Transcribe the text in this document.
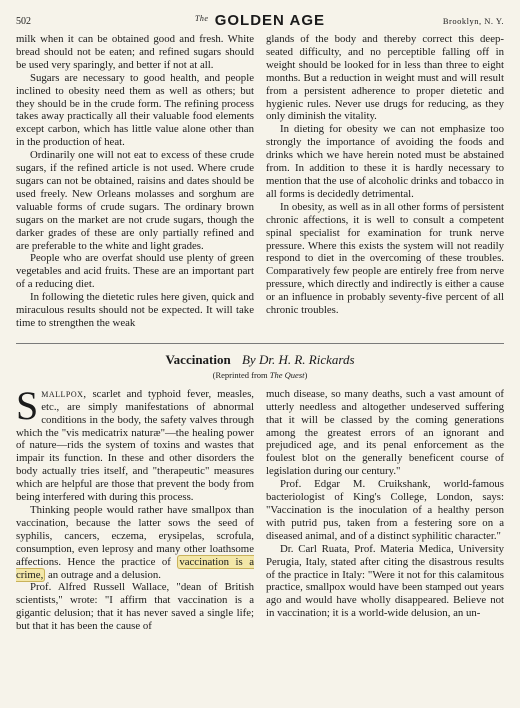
502	$^{The}$ GOLDEN AGE	Brooklyn, N. Y.

milk when it can be obtained good and fresh. White bread should not be eaten; and refined sugars should be used very sparingly, and better if not at all.

Sugars are necessary to good health, and people inclined to obesity need them as well as others; but they should be in the crude form. The refining process takes away practically all their valuable food elements except carbon, which has little value alone other than in the production of heat.

Ordinarily one will not eat to excess of these crude sugars, if the refined article is not used. Where crude sugars can not be obtained, raisins and dates should be used freely. New Orleans molasses and sorghum are valuable forms of crude sugars. The ordinary brown sugars on the market are not crude sugars, though the darker grades of these are only partially refined and are preferable to the white and light grades.

People who are overfat should use plenty of green vegetables and acid fruits. These are an important part of a reducing diet.

In following the dietetic rules here given, quick and miraculous results should not be expected. It will take time to strengthen the weak

glands of the body and thereby correct this deep-seated difficulty, and no perceptible falling off in weight should be looked for in less than three to eight months. But a reduction in weight must and will result from a persistent adherence to proper dietetic and hygienic rules. Never use drugs for reducing, as they only diminish the vitality.

In dieting for obesity we can not emphasize too strongly the importance of avoiding the foods and drinks which we have herein noted must be abstained from. In addition to these it is hardly necessary to mention that the use of alcoholic drinks and tobacco in all forms is decidedly detrimental.

In obesity, as well as in all other forms of persistent chronic affections, it is well to consult a competent spinal specialist for examination for trunk nerve pressure. Where this exists the system will not readily respond to diet in the overcoming of these troubles. Comparatively few people are entirely free from nerve pressure, which directly and indirectly is either a cause or an influence in probably seventy-five percent of all chronic troubles.

Vaccination By Dr. H. R. Rickards
(Reprinted from The Quest)

Smallpox, scarlet and typhoid fever, measles, etc., are simply manifestations of abnormal conditions in the body, the safety valves through which the "vis medicatrix naturæ"—the healing power of nature—rids the system of toxins and wastes that impair its function. In these and other disorders the body actually tries itself, and "therapeutic" measures which are helpful are those that prevent the body from being interfered with during this process.

Thinking people would rather have smallpox than vaccination, because the latter sows the seed of syphilis, cancers, eczema, erysipelas, scrofula, consumption, even leprosy and many other loathsome affections. Hence the practice of vaccination is a crime, an outrage and a delusion.

Prof. Alfred Russell Wallace, "dean of British scientists," wrote: "I affirm that vaccination is a gigantic delusion; that it has never saved a single life; but that it has been the cause of

much disease, so many deaths, such a vast amount of utterly needless and altogether undeserved suffering that it will be classed by the coming generations among the greatest errors of an ignorant and prejudiced age, and its penal enforcement as the foulest blot on the generally beneficent course of legislation during our century."

Prof. Edgar M. Cruikshank, world-famous bacteriologist of King's College, London, says: "Vaccination is the inoculation of a healthy person with putrid pus, taken from a festering sore on a diseased animal, and of a distinct syphilitic character."

Dr. Carl Ruata, Prof. Materia Medica, University Perugia, Italy, stated after citing the disastrous results of the practice in Italy: "Were it not for this calamitous practice, smallpox would have been stamped out years ago and would have wholly disappeared. Believe not in vaccination; it is a world-wide delusion, an un-
